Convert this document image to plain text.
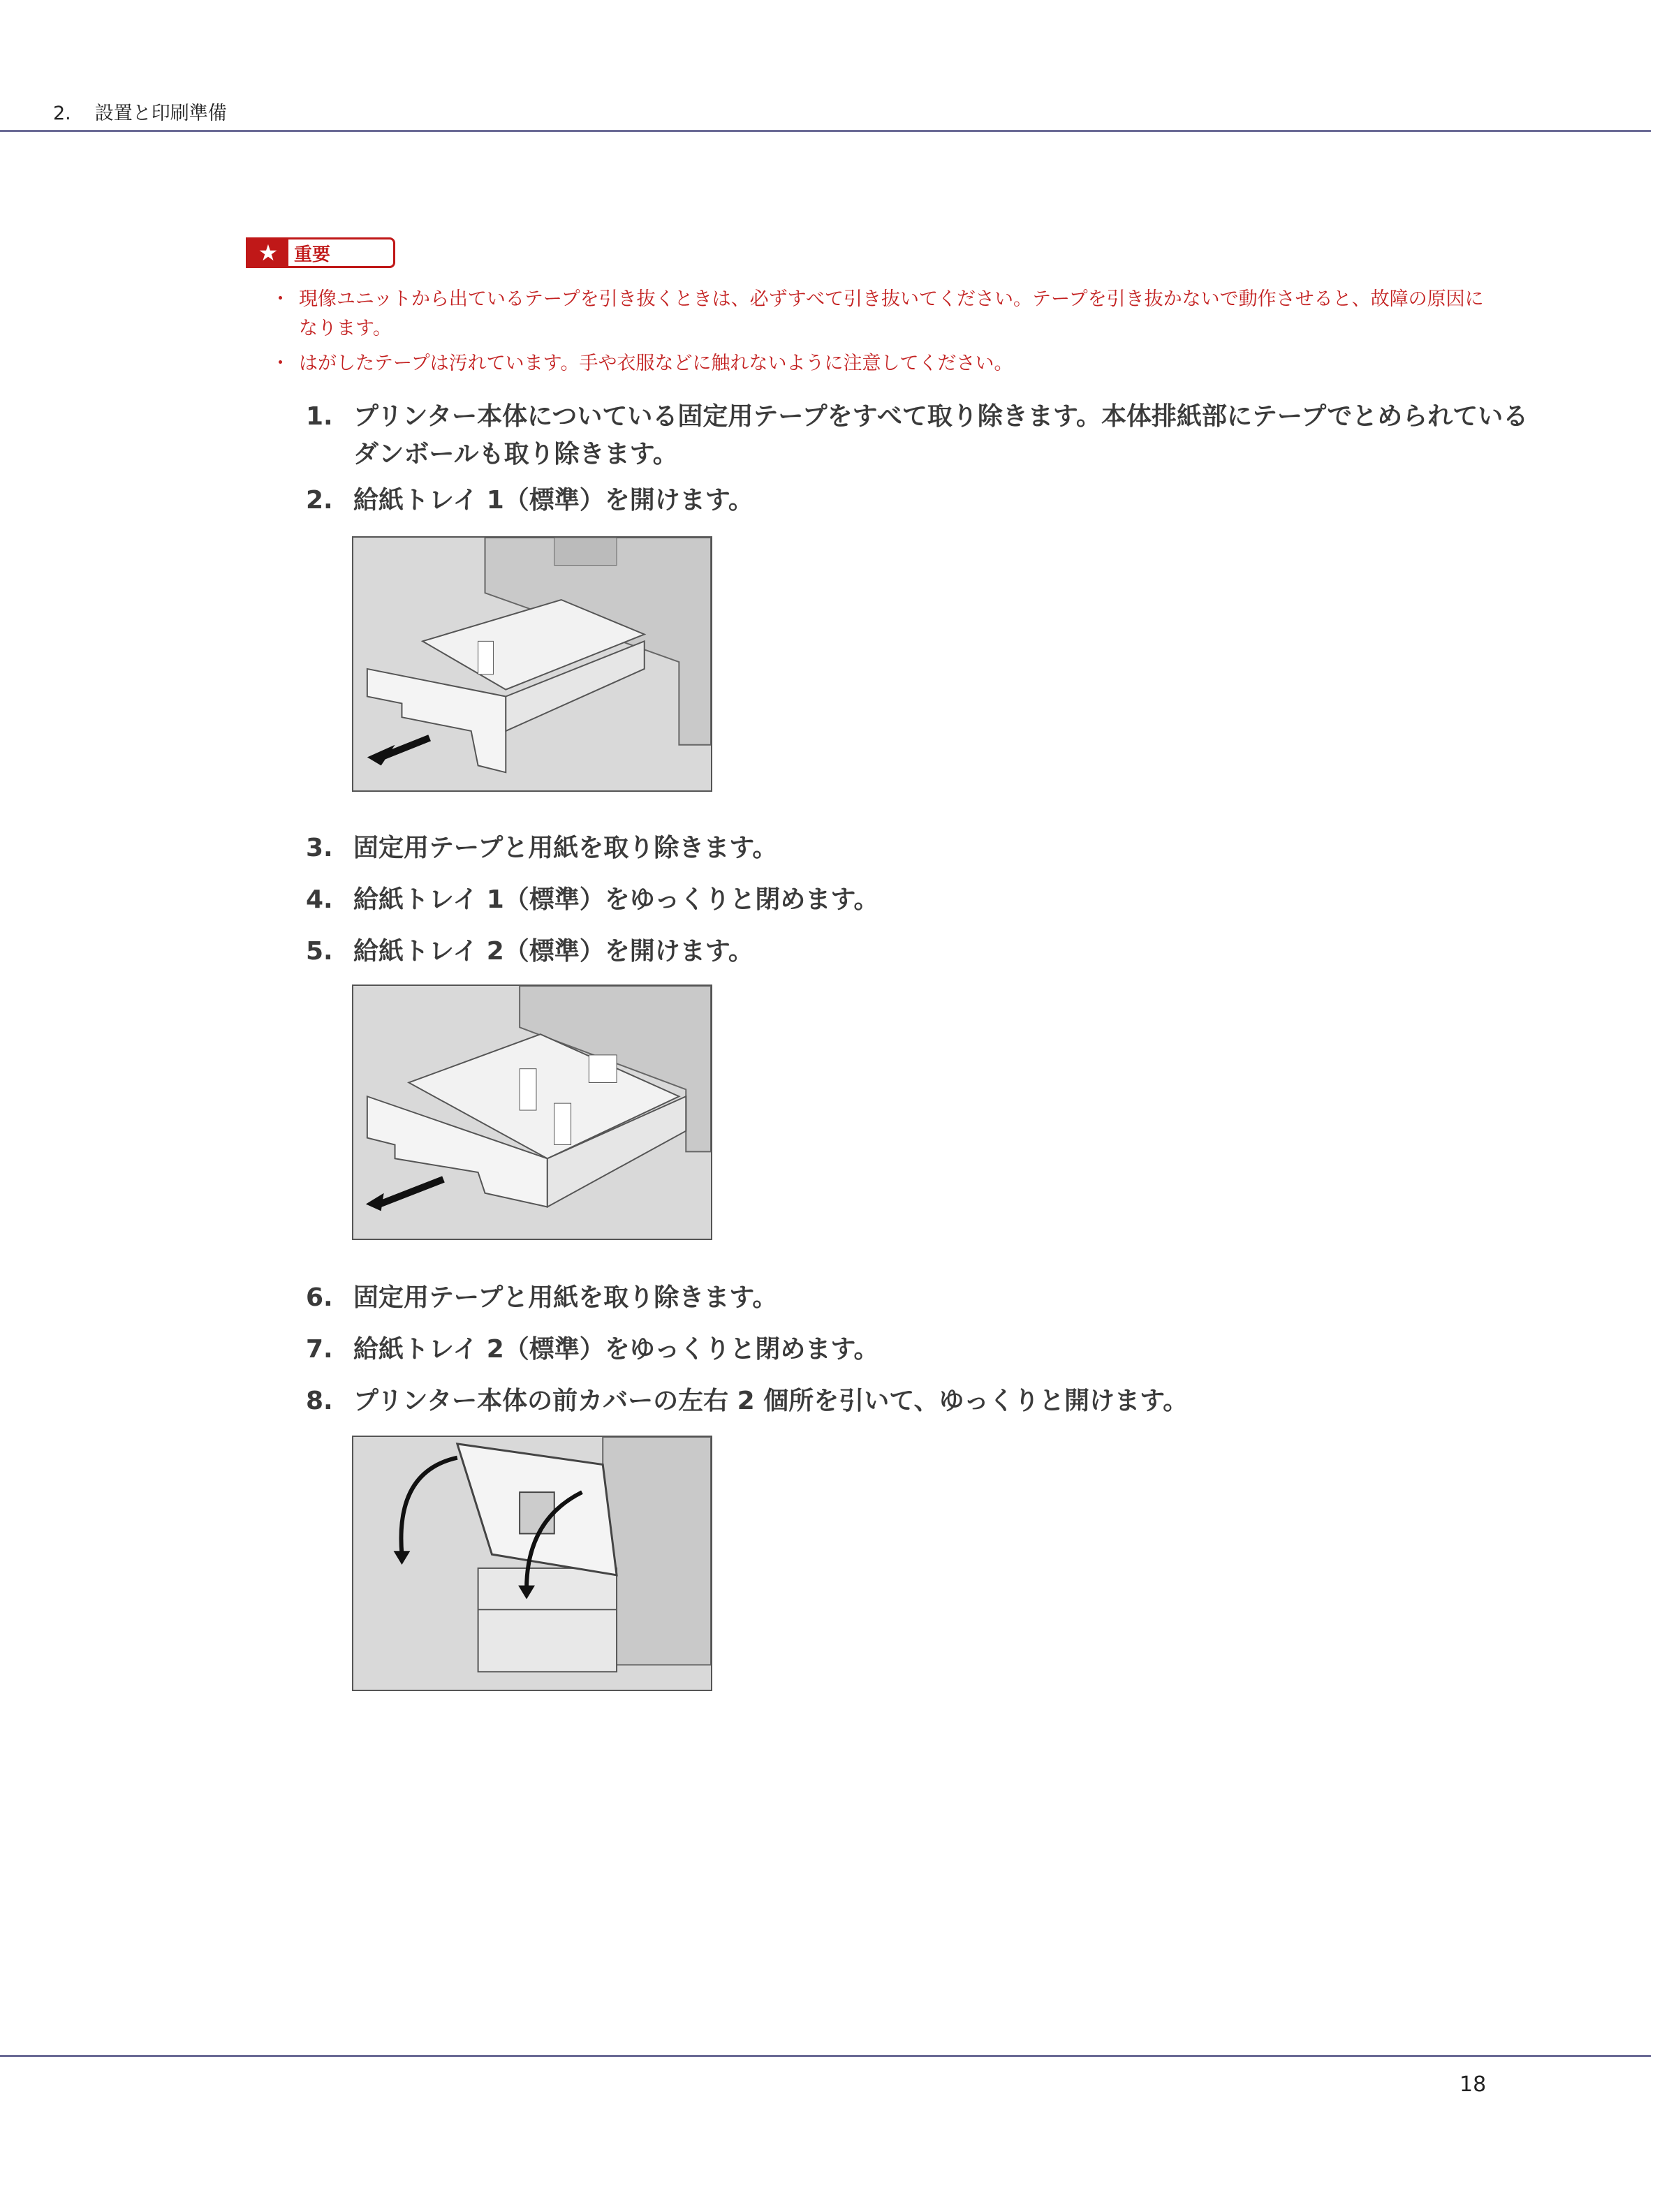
2. 設置と印刷準備
★ 重要
・ 現像ユニットから出ているテープを引き抜くときは、必ずすべて引き抜いてください。テープを引き抜かないで動作させると、故障の原因になります。
・ はがしたテープは汚れています。手や衣服などに触れないように注意してください。
1. プリンター本体についている固定用テープをすべて取り除きます。本体排紙部にテープでとめられているダンボールも取り除きます。
2. 給紙トレイ 1（標準）を開けます。
3. 固定用テープと用紙を取り除きます。
4. 給紙トレイ 1（標準）をゆっくりと閉めます。
5. 給紙トレイ 2（標準）を開けます。
6. 固定用テープと用紙を取り除きます。
7. 給紙トレイ 2（標準）をゆっくりと閉めます。
8. プリンター本体の前カバーの左右 2 個所を引いて、ゆっくりと開けます。
18
